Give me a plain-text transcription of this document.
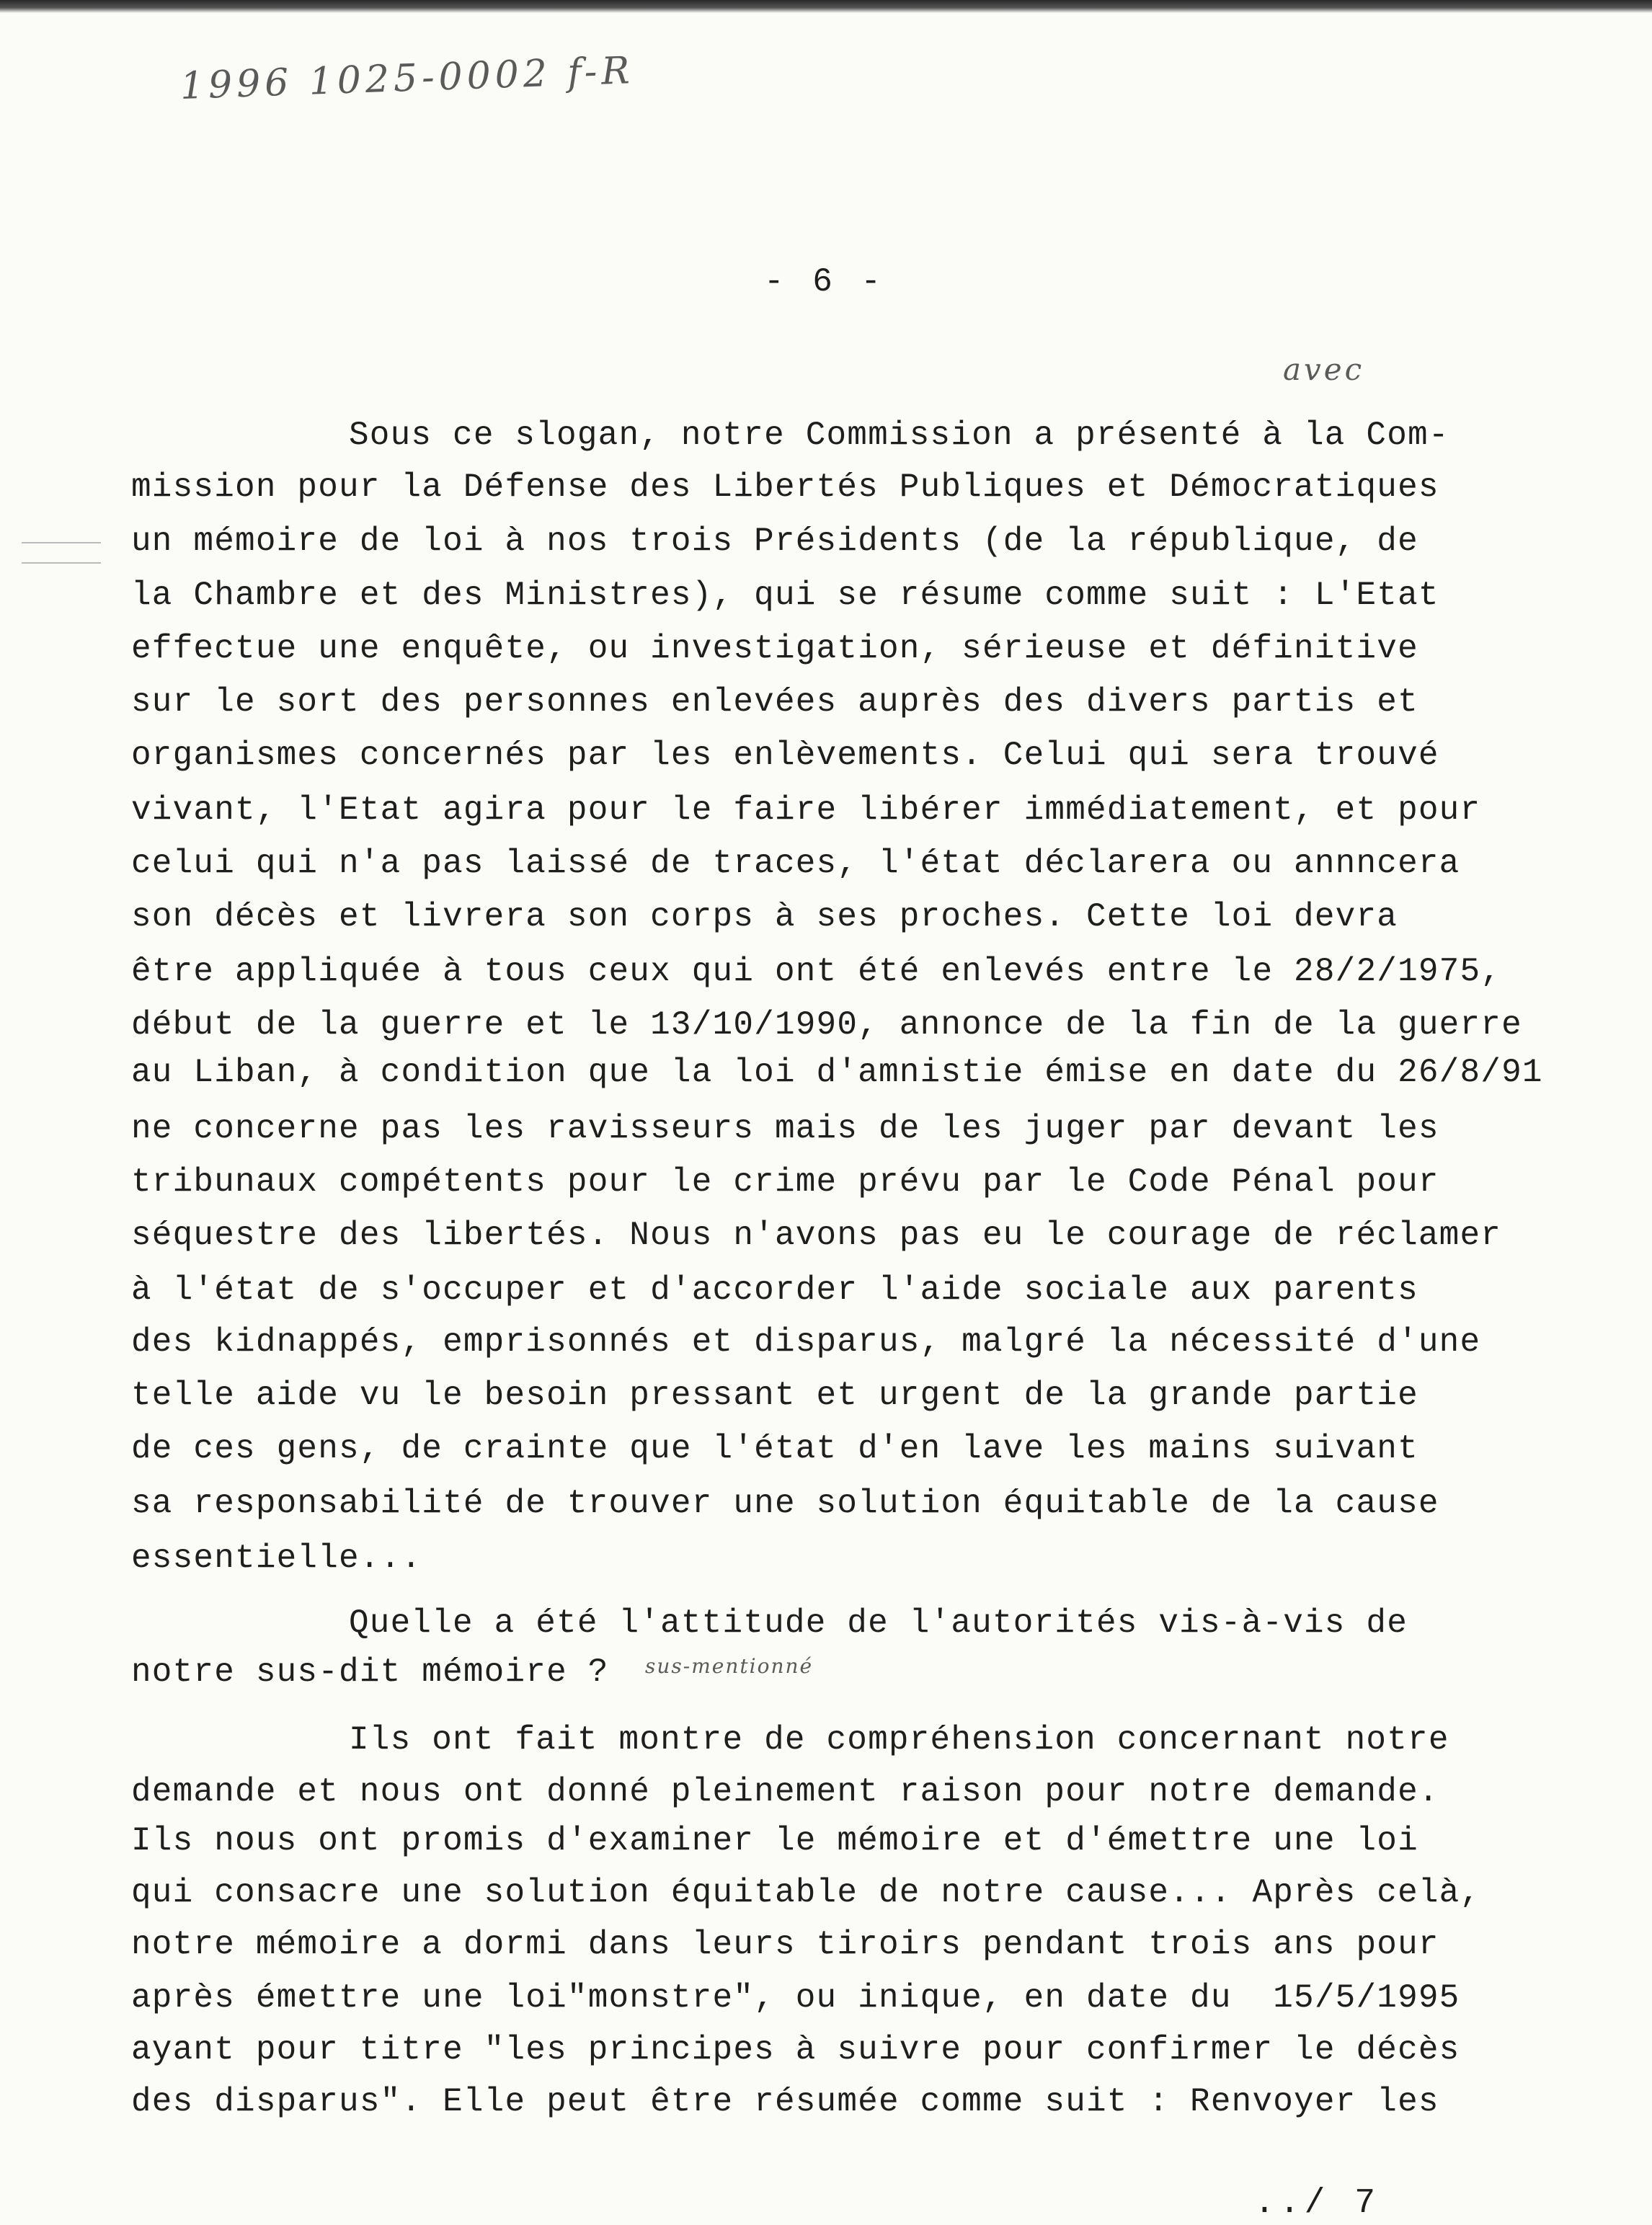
1996 1025-0002 f-R
- 6 -
avec
Sous ce slogan, notre Commission a présenté à la Com-
mission pour la Défense des Libertés Publiques et Démocratiques
un mémoire de loi à nos trois Présidents (de la république, de
la Chambre et des Ministres), qui se résume comme suit : L'Etat
effectue une enquête, ou investigation, sérieuse et définitive
sur le sort des personnes enlevées auprès des divers partis et
organismes concernés par les enlèvements. Celui qui sera trouvé
vivant, l'Etat agira pour le faire libérer immédiatement, et pour
celui qui n'a pas laissé de traces, l'état déclarera ou annncera
son décès et livrera son corps à ses proches. Cette loi devra
être appliquée à tous ceux qui ont été enlevés entre le 28/2/1975,
début de la guerre et le 13/10/1990, annonce de la fin de la guerre
au Liban, à condition que la loi d'amnistie émise en date du 26/8/91
ne concerne pas les ravisseurs mais de les juger par devant les
tribunaux compétents pour le crime prévu par le Code Pénal pour
séquestre des libertés. Nous n'avons pas eu le courage de réclamer
à l'état de s'occuper et d'accorder l'aide sociale aux parents
des kidnappés, emprisonnés et disparus, malgré la nécessité d'une
telle aide vu le besoin pressant et urgent de la grande partie
de ces gens, de crainte que l'état d'en lave les mains suivant
sa responsabilité de trouver une solution équitable de la cause
essentielle...
Quelle a été l'attitude de l'autorités vis-à-vis de
notre sus-dit mémoire ? sus-mentionné
Ils ont fait montre de compréhension concernant notre
demande et nous ont donné pleinement raison pour notre demande.
Ils nous ont promis d'examiner le mémoire et d'émettre une loi
qui consacre une solution équitable de notre cause... Après celà,
notre mémoire a dormi dans leurs tiroirs pendant trois ans pour
après émettre une loi"monstre", ou inique, en date du  15/5/1995
ayant pour titre "les principes à suivre pour confirmer le décès
des disparus". Elle peut être résumée comme suit : Renvoyer les
../ 7
